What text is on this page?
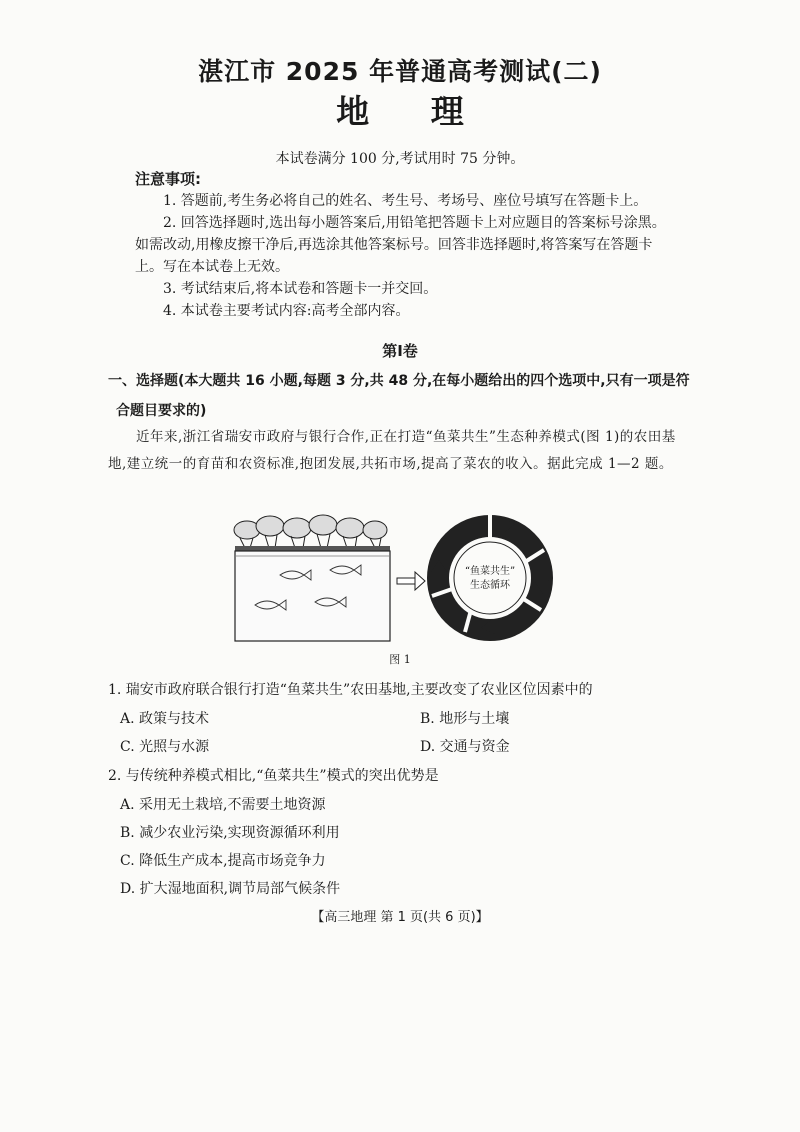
湛江市 2025 年普通高考测试(二)
地 理
本试卷满分 100 分,考试用时 75 分钟。
注意事项:
1. 答题前,考生务必将自己的姓名、考生号、考场号、座位号填写在答题卡上。
2. 回答选择题时,选出每小题答案后,用铅笔把答题卡上对应题目的答案标号涂黑。如需改动,用橡皮擦干净后,再选涂其他答案标号。回答非选择题时,将答案写在答题卡上。写在本试卷上无效。
3. 考试结束后,将本试卷和答题卡一并交回。
4. 本试卷主要考试内容:高考全部内容。
第Ⅰ卷
一、选择题(本大题共 16 小题,每题 3 分,共 48 分,在每小题给出的四个选项中,只有一项是符
合题目要求的)
近年来,浙江省瑞安市政府与银行合作,正在打造“鱼菜共生”生态种养模式(图 1)的农田基地,建立统一的育苗和农资标准,抱团发展,共拓市场,提高了菜农的收入。据此完成 1—2 题。
“鱼菜共生”
生态循环
图 1
1. 瑞安市政府联合银行打造“鱼菜共生”农田基地,主要改变了农业区位因素中的
A. 政策与技术	B. 地形与土壤
C. 光照与水源	D. 交通与资金
2. 与传统种养模式相比,“鱼菜共生”模式的突出优势是
A. 采用无土栽培,不需要土地资源
B. 减少农业污染,实现资源循环利用
C. 降低生产成本,提高市场竞争力
D. 扩大湿地面积,调节局部气候条件
【高三地理 第 1 页(共 6 页)】
